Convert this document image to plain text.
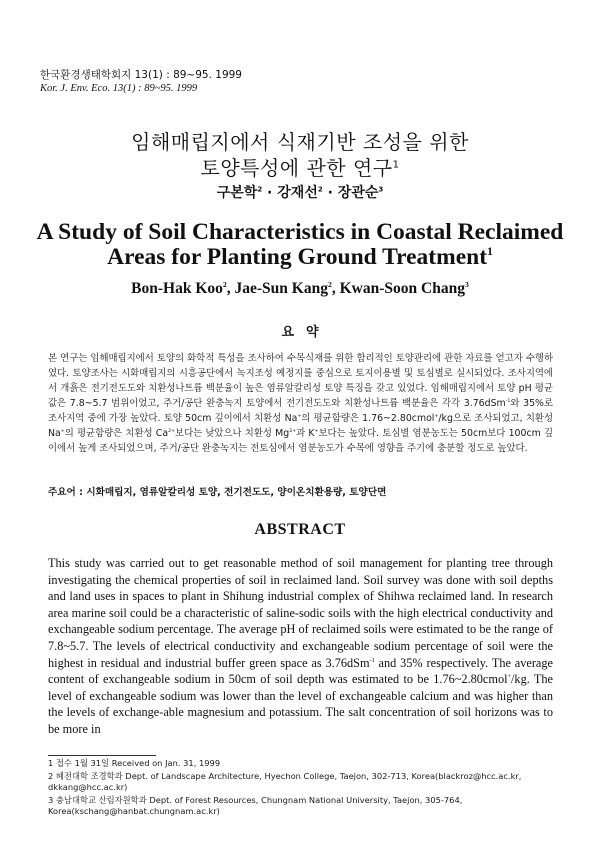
한국환경생태학회지 13(1) : 89~95. 1999
Kor. J. Env. Eco. 13(1) : 89~95. 1999
임해매립지에서 식재기반 조성을 위한
토양특성에 관한 연구$^1$
구본학$^2$ · 강재선$^2$ · 장관순$^3$
A Study of Soil Characteristics in Coastal Reclaimed
Areas for Planting Ground Treatment$^1$
Bon-Hak Koo$^2$, Jae-Sun Kang$^2$, Kwan-Soon Chang$^3$
요약

본 연구는 임해매립지에서 토양의 화학적 특성을 조사하여 수목식재를 위한 합리적인 토양관리에 관한 자료를 얻고자 수행하였다. 토양조사는 시화매립지의 시흥공단에서 녹지조성 예정지를 중심으로 토지이용별 및 토심별로 실시되었다. 조사지역에서 개흙은 전기전도도와 치환성나트륨 백분율이 높은 염류알칼리성 토양 특징을 갖고 있었다. 임해매립지에서 토양 pH 평균값은 7.8~5.7 범위이었고, 주거/공단 완충녹지 토양에서 전기전도도와 치환성나트륨 백분율은 각각 3.76dSm$^{-1}$와 35%로 조사지역 중에 가장 높았다. 토양 50cm 깊이에서 치환성 Na+의 평균함량은 1.76~2.80cmol+/kg으로 조사되었고, 치환성 Na+의 평균함량은 치환성 $Ca^{2+}$보다는 낮았으나 치환성 $Mg^{2+}$과 K+보다는 높았다. 토심별 염분농도는 50cm보다 100cm 깊이에서 높게 조사되었으며, 주거/공단 완충녹지는 전토심에서 염분농도가 수목에 영향을 주기에 충분할 정도로 높았다.

주요어 : 시화매립지, 염류알칼리성 토양, 전기전도도, 양이온치환용량, 토양단면
ABSTRACT

This study was carried out to get reasonable method of soil management for planting tree through investigating the chemical properties of soil in reclaimed land. Soil survey was done with soil depths and land uses in spaces to plant in Shihung industrial complex of Shihwa reclaimed land. In research area marine soil could be a characteristic of saline-sodic soils with the high electrical conductivity and exchangeable sodium percentage. The average pH of reclaimed soils were estimated to be the range of 7.8~5.7. The levels of electrical conductivity and exchangeable sodium percentage of soil were the highest in residual and industrial buffer green space as 3.76dSm$^{-1}$ and 35% respectively. The average content of exchangeable sodium in 50cm of soil depth was estimated to be 1.76~2.80cmol+/kg. The level of exchangeable sodium was lower than the level of exchangeable calcium and was higher than the levels of exchange-able magnesium and potassium. The salt concentration of soil horizons was to be more in

1 접수 1월 31일 Received on Jan. 31, 1999
2 혜전대학 조경학과 Dept. of Landscape Architecture, Hyechon College, Taejon, 302-713, Korea(blackroz@hcc.ac.kr, dkkang@hcc.ac.kr)
3 충남대학교 산림자원학과 Dept. of Forest Resources, Chungnam National University, Taejon, 305-764, Korea(kschang@hanbat.chungnam.ac.kr)
